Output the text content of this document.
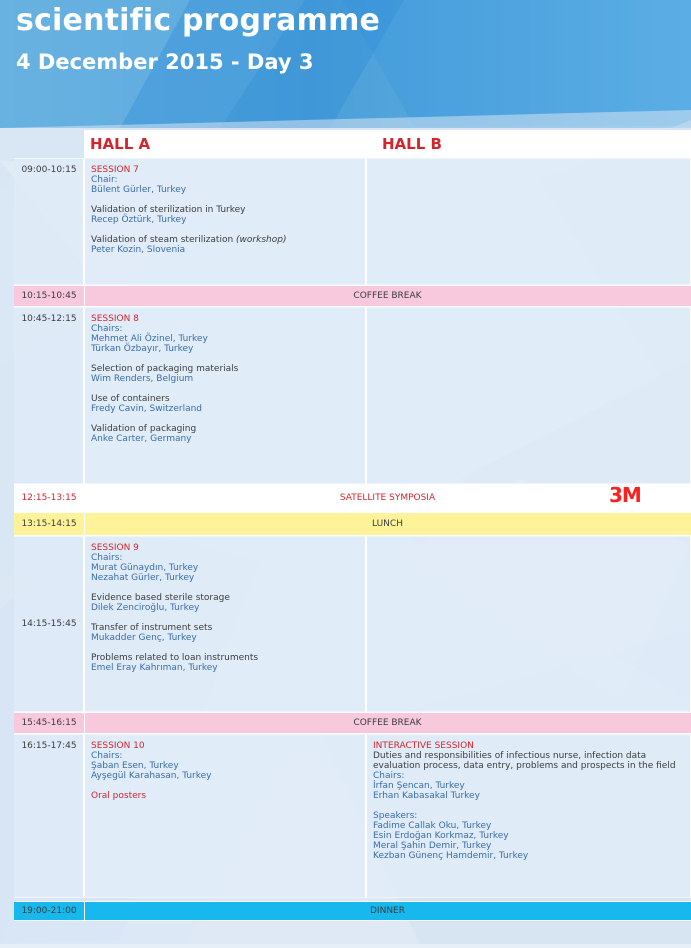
scientific programme
4 December 2015 - Day 3
HALL A	HALL B
09:00-10:15	SESSION 7
Chair:
Bülent Gürler, Turkey
Validation of sterilization in Turkey
Recep Öztürk, Turkey
Validation of steam sterilization (workshop)
Peter Kozin, Slovenia
10:15-10:45	COFFEE BREAK
10:45-12:15	SESSION 8
Chairs:
Mehmet Ali Özinel, Turkey
Türkan Özbayır, Turkey
Selection of packaging materials
Wim Renders, Belgium
Use of containers
Fredy Cavin, Switzerland
Validation of packaging
Anke Carter, Germany
12:15-13:15	SATELLITE SYMPOSIA	3M
13:15-14:15	LUNCH
14:15-15:45
SESSION 9
Chairs:
Murat Günaydın, Turkey
Nezahat Gürler, Turkey
Evidence based sterile storage
Dilek Zenciroğlu, Turkey
Transfer of instrument sets
Mukadder Genç, Turkey
Problems related to loan instruments
Emel Eray Kahrıman, Turkey
15:45-16:15	COFFEE BREAK
16:15-17:45	SESSION 10
Chairs:
Şaban Esen, Turkey
Ayşegül Karahasan, Turkey
Oral posters
INTERACTIVE SESSION
Duties and responsibilities of infectious nurse, infection data
evaluation process, data entry, problems and prospects in the field
Chairs:
İrfan Şencan, Turkey
Erhan Kabasakal Turkey
Speakers:
Fadime Callak Oku, Turkey
Esin Erdoğan Korkmaz, Turkey
Meral Şahin Demir, Turkey
Kezban Günenç Hamdemir, Turkey
19:00-21:00	DINNER
